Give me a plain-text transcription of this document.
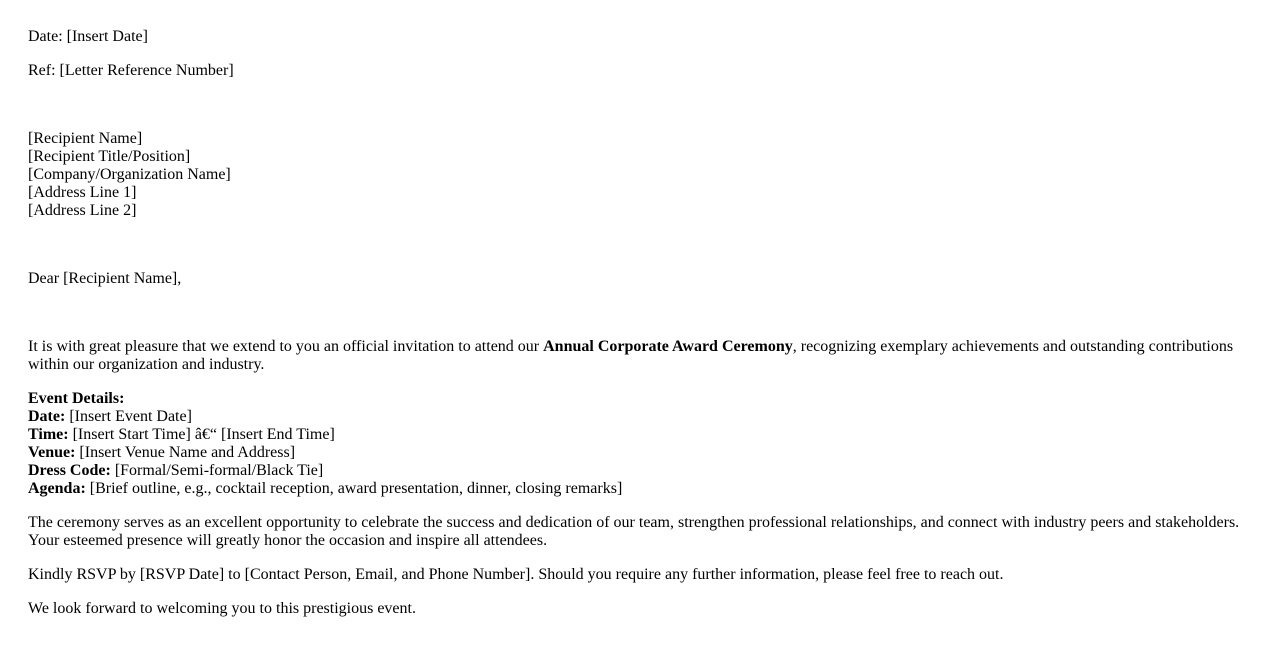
Date: [Insert Date]

Ref: [Letter Reference Number]

[Recipient Name]
[Recipient Title/Position]
[Company/Organization Name]
[Address Line 1]
[Address Line 2]

Dear [Recipient Name],

It is with great pleasure that we extend to you an official invitation to attend our Annual Corporate Award Ceremony, recognizing exemplary achievements and outstanding contributions within our organization and industry.

Event Details:
Date: [Insert Event Date]
Time: [Insert Start Time] â€“ [Insert End Time]
Venue: [Insert Venue Name and Address]
Dress Code: [Formal/Semi-formal/Black Tie]
Agenda: [Brief outline, e.g., cocktail reception, award presentation, dinner, closing remarks]

The ceremony serves as an excellent opportunity to celebrate the success and dedication of our team, strengthen professional relationships, and connect with industry peers and stakeholders. Your esteemed presence will greatly honor the occasion and inspire all attendees.

Kindly RSVP by [RSVP Date] to [Contact Person, Email, and Phone Number]. Should you require any further information, please feel free to reach out.

We look forward to welcoming you to this prestigious event.
